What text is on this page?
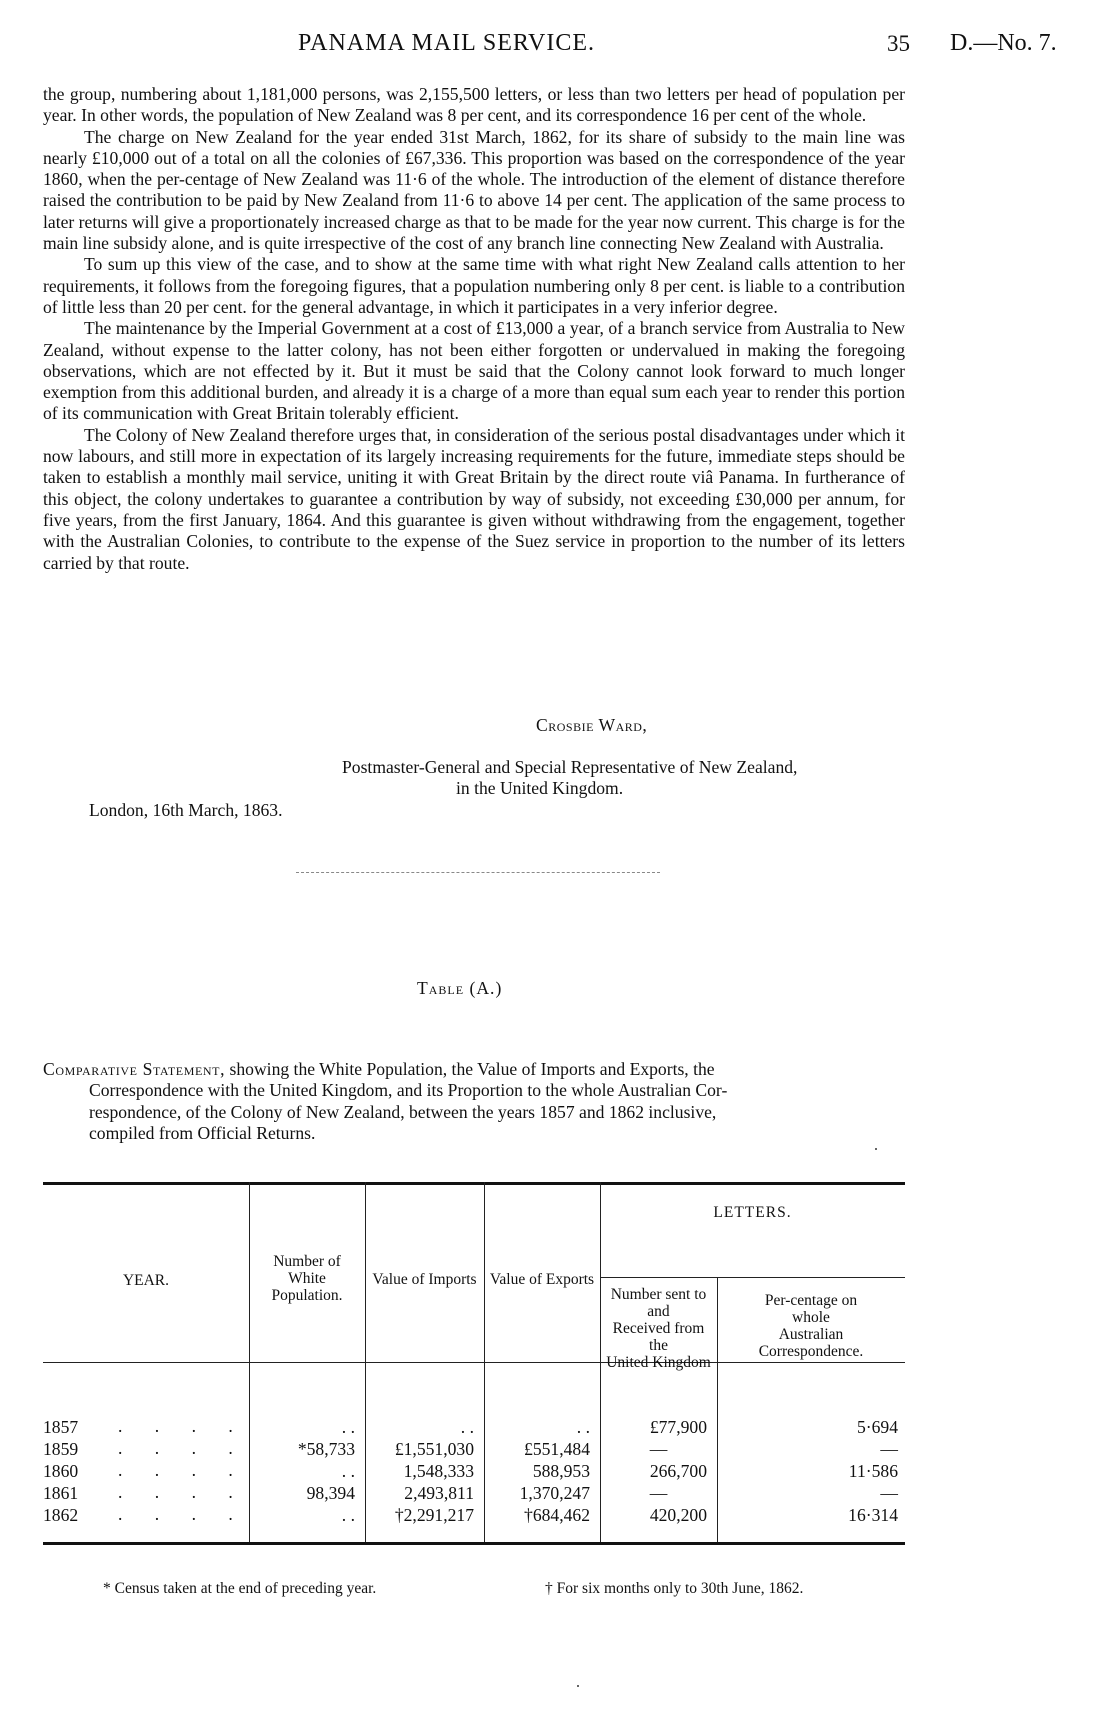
PANAMA MAIL SERVICE.	35 D.—No. 7.

the group, numbering about 1,181,000 persons, was 2,155,500 letters, or less than two letters per head of population per year. In other words, the population of New Zealand was 8 per cent, and its correspondence 16 per cent of the whole.

The charge on New Zealand for the year ended 31st March, 1862, for its share of subsidy to the main line was nearly £10,000 out of a total on all the colonies of £67,336. This proportion was based on the correspondence of the year 1860, when the per-centage of New Zealand was 11·6 of the whole. The introduction of the element of distance therefore raised the contribution to be paid by New Zealand from 11·6 to above 14 per cent. The application of the same process to later returns will give a proportionately increased charge as that to be made for the year now current. This charge is for the main line subsidy alone, and is quite irrespective of the cost of any branch line connecting New Zealand with Australia.

To sum up this view of the case, and to show at the same time with what right New Zealand calls attention to her requirements, it follows from the foregoing figures, that a population numbering only 8 per cent. is liable to a contribution of little less than 20 per cent. for the general advantage, in which it participates in a very inferior degree.

The maintenance by the Imperial Government at a cost of £13,000 a year, of a branch service from Australia to New Zealand, without expense to the latter colony, has not been either forgotten or undervalued in making the foregoing observations, which are not effected by it. But it must be said that the Colony cannot look forward to much longer exemption from this additional burden, and already it is a charge of a more than equal sum each year to render this portion of its communication with Great Britain tolerably efficient.

The Colony of New Zealand therefore urges that, in consideration of the serious postal disadvantages under which it now labours, and still more in expectation of its largely increasing requirements for the future, immediate steps should be taken to establish a monthly mail service, uniting it with Great Britain by the direct route viâ Panama. In furtherance of this object, the colony undertakes to guarantee a contribution by way of subsidy, not exceeding £30,000 per annum, for five years, from the first January, 1864. And this guarantee is given without withdrawing from the engagement, together with the Australian Colonies, to contribute to the expense of the Suez service in proportion to the number of its letters carried by that route.

Crosbie Ward,
Postmaster-General and Special Representative of New Zealand,
in the United Kingdom.
London, 16th March, 1863.
Table (A.)

Comparative Statement, showing the White Population, the Value of Imports and Exports, the

Correspondence with the United Kingdom, and its Proportion to the whole Australian Cor-

respondence, of the Colony of New Zealand, between the years 1857 and 1862 inclusive,

compiled from Official Returns.

YEAR.
Number of
White
Population.
Value of Imports Value of Exports
LETTERS.
Number sent to
and
Received from
the
United Kingdom
Per-centage on
whole
Australian
Correspondence.
1857 . . . .	. .	. .	. .	£77,900	5·694
1859 . . . .	*58,733	£1,551,030	£551,484	—	—
1860 . . . .	. .	1,548,333	588,953	266,700	11·586
1861 . . . .	98,394	2,493,811	1,370,247	—	—
1862 . . . .	. .	†2,291,217	†684,462	420,200	16·314
* Census taken at the end of preceding year.	† For six months only to 30th June, 1862.
